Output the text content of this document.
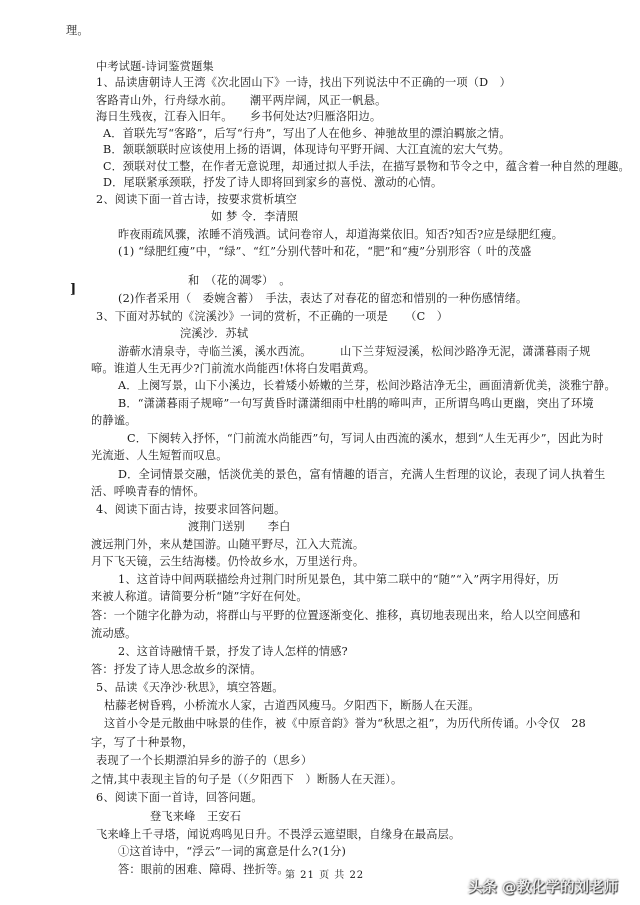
理。
中考试题-诗词鉴赏题集
1、品读唐朝诗人王湾《次北固山下》一诗，找出下列说法中不正确的一项（D　）
客路青山外，行舟绿水前。　　潮平两岸阔，风正一帆悬。
海日生残夜，江春入旧年。　　乡书何处达?归雁洛阳边。
A．首联先写“客路”，后写“行舟”，写出了人在他乡、神驰故里的漂泊羁旅之情。
B．颔联颔联时应该使用上扬的语调，体现诗句平野开阔、大江直流的宏大气势。
C．颈联对仗工整，在作者无意说理，却通过拟人手法，在描写景物和节令之中，蕴含着一种自然的理趣。
D．尾联紧承颈联，抒发了诗人即将回到家乡的喜悦、激动的心情。
2、阅读下面一首古诗，按要求赏析填空
如 梦 令．李清照
昨夜雨疏风骤，浓睡不消残酒。试问卷帘人，却道海棠依旧。知否?知否?应是绿肥红瘦。
(1) “绿肥红瘦”中，“绿”、“红”分别代替叶和花，“肥”和“瘦”分别形容（ 叶的茂盛
和　（花的凋零）　。
(2)作者采用（　委婉含蓄）　手法，表达了对春花的留恋和惜别的一种伤感情绪。
3、下面对苏轼的《浣溪沙》一词的赏析，不正确的一项是　　（C　）
浣溪沙．苏轼
游蕲水清泉寺，寺临兰溪，溪水西流。　　　山下兰芽短浸溪，松间沙路净无泥，潇潇暮雨子规
啼。谁道人生无再少?门前流水尚能西!休将白发唱黄鸡。
A．上阕写景，山下小溪边，长着矮小娇嫩的兰芽，松间沙路洁净无尘，画面清新优美，淡雅宁静。
B．“潇潇暮雨子规啼”一句写黄昏时潇潇细雨中杜鹃的啼叫声，正所谓鸟鸣山更幽，突出了环境
的静谧。
C．下阕转入抒怀，“门前流水尚能西”句，写词人由西流的溪水，想到“人生无再少”，因此为时
光流逝、人生短暂而叹息。
D．全词情景交融，恬淡优美的景色，富有情趣的语言，充满人生哲理的议论，表现了词人执着生
活、呼唤青春的情怀。
4、阅读下面古诗，按要求回答问题。
渡荆门送别　　李白
渡远荆门外，来从楚国游。山随平野尽，江入大荒流。
月下飞天镜，云生结海楼。仍怜故乡水，万里送行舟。
1、这首诗中间两联描绘舟过荆门时所见景色，其中第二联中的“随”“入”两字用得好，历
来被人称道。请简要分析“随”字好在何处。
答：一个随字化静为动，将群山与平野的位置逐渐变化、推移，真切地表现出来，给人以空间感和
流动感。
2、这首诗融情千景，抒发了诗人怎样的情感?
答：抒发了诗人思念故乡的深情。
5、品读《天净沙·秋思》，填空答题。
枯藤老树昏鸦，小桥流水人家，古道西风瘦马。夕阳西下，断肠人在天涯。
这首小令是元散曲中咏景的佳作，被《中原音韵》誉为“秋思之祖”，为历代所传诵。小令仅　28
字，写了十种景物，
表现了一个长期漂泊异乡的游子的（思乡）
之情,其中表现主旨的句子是（（夕阳西下　）断肠人在天涯）。
6、阅读下面一首诗，回答问题。
登飞来峰　王安石
飞来峰上千寻塔，闻说鸡鸣见日升。不畏浮云遮望眼，自缘身在最高层。
①这首诗中，“浮云”一词的寓意是什么?(1分)
答：眼前的困难、障碍、挫折等。
]
第 21 页 共 22
头条 @教化学的刘老师
